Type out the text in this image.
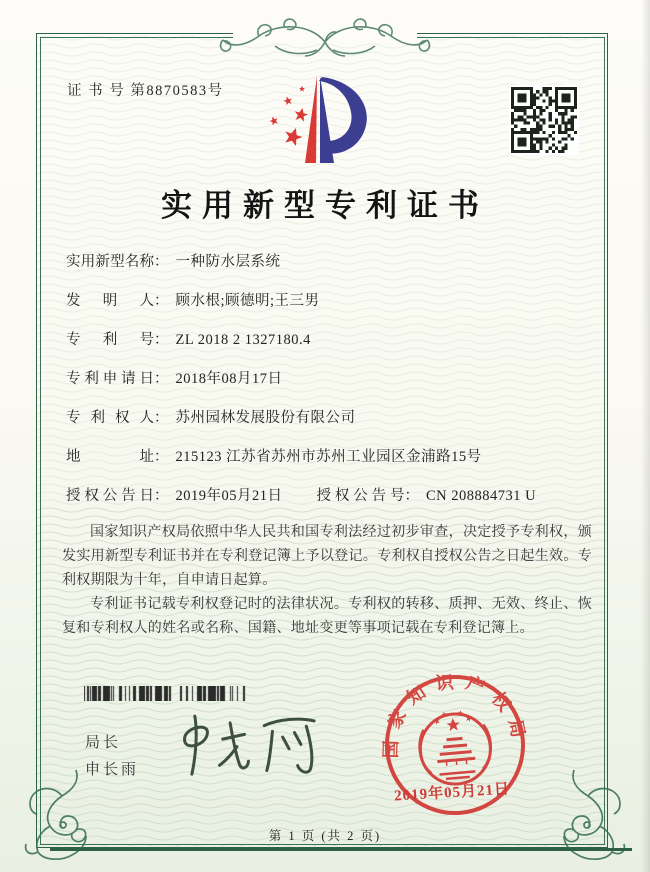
证 书 号 第8870583号
实用新型专利证书
实用新型名称： 一种防水层系统
发明人： 顾水根;顾德明;王三男
专利号： ZL 2018 2 1327180.4
专利申请日： 2018年08月17日
专利权人： 苏州园林发展股份有限公司
地址： 215123 江苏省苏州市苏州工业园区金浦路15号
授权公告日： 2019年05月21日 授权公告号： CN 208884731 U

国家知识产权局依照中华人民共和国专利法经过初步审查，决定授予专利权，颁发实用新型专利证书并在专利登记簿上予以登记。专利权自授权公告之日起生效。专利权期限为十年，自申请日起算。

专利证书记载专利权登记时的法律状况。专利权的转移、质押、无效、终止、恢复和专利权人的姓名或名称、国籍、地址变更等事项记载在专利登记簿上。

局长
申长雨
国家知识产权局
2019年05月21日
第 1 页 (共 2 页)
